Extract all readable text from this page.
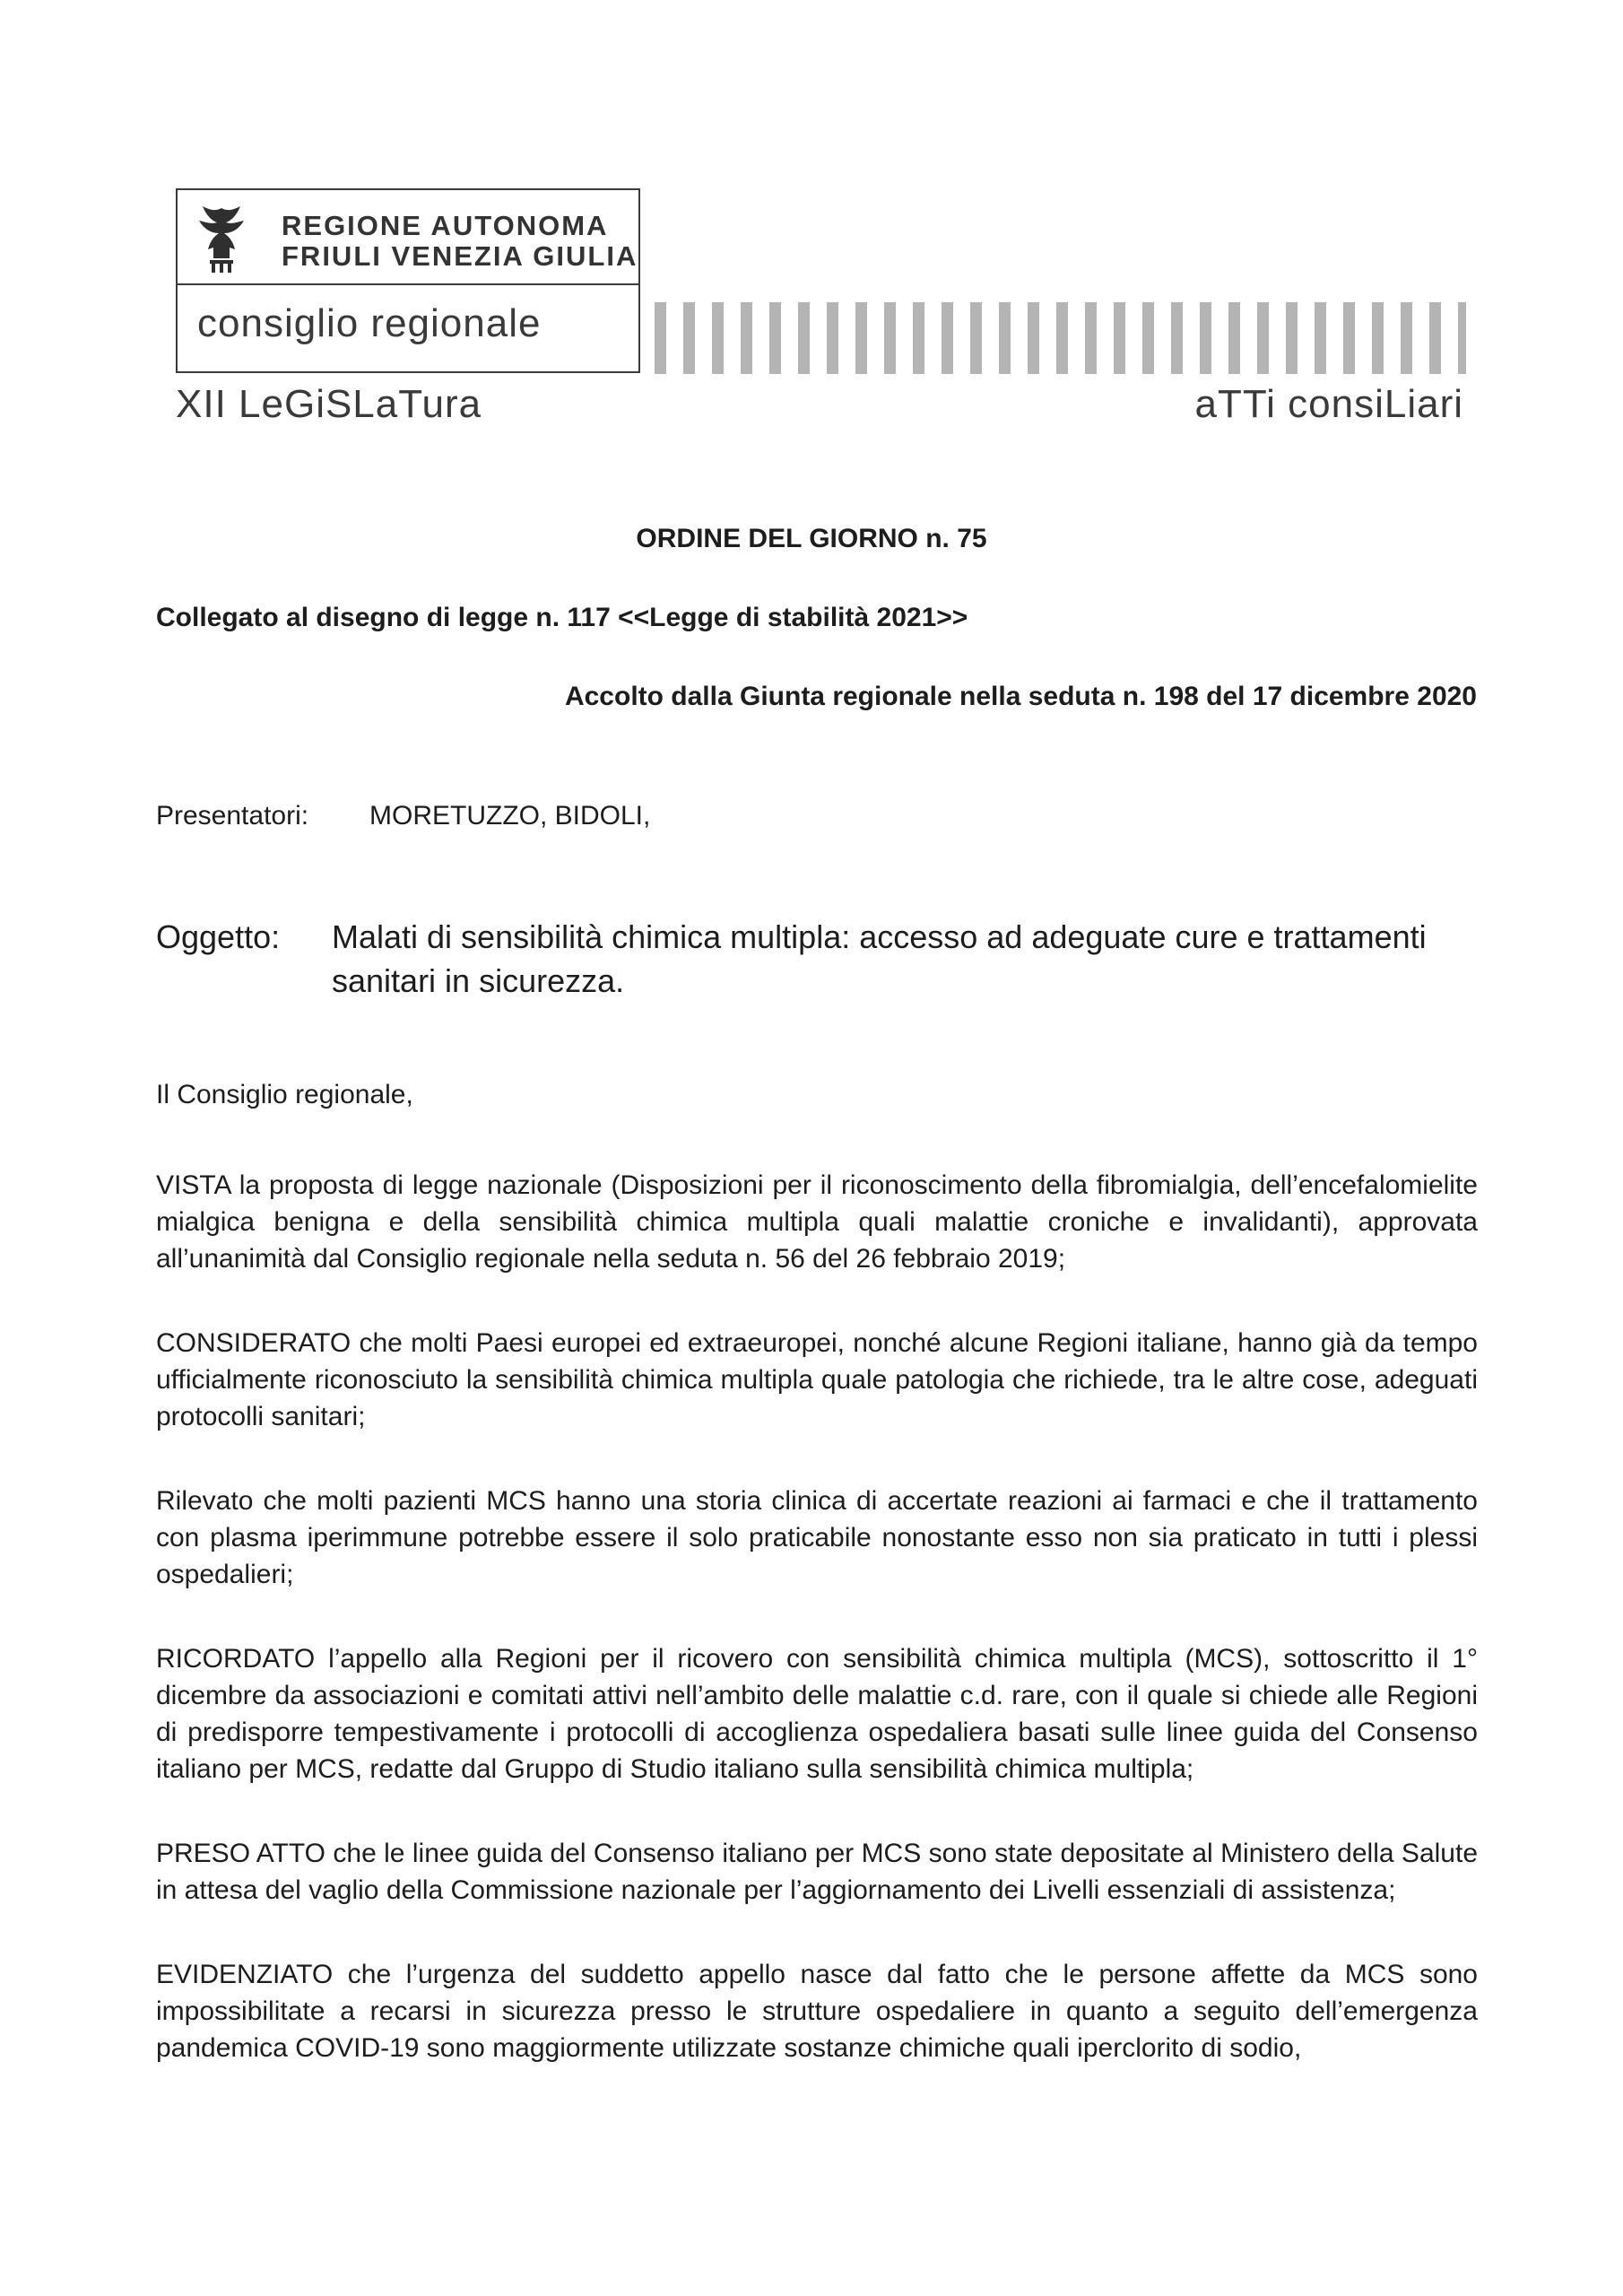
REGIONE AUTONOMA
FRIULI VENEZIA GIULIA
consiglio regionale
XII LeGiSLaTura	aTTi consiLiari
ORDINE DEL GIORNO n. 75
Collegato al disegno di legge n. 117 <<Legge di stabilità 2021>>
Accolto dalla Giunta regionale nella seduta n. 198 del 17 dicembre 2020
Presentatori: MORETUZZO, BIDOLI,
Oggetto: Malati di sensibilità chimica multipla: accesso ad adeguate cure e trattamenti sanitari in sicurezza.

Il Consiglio regionale,

VISTA la proposta di legge nazionale (Disposizioni per il riconoscimento della fibromialgia, dell’encefalomielite mialgica benigna e della sensibilità chimica multipla quali malattie croniche e invalidanti), approvata all’unanimità dal Consiglio regionale nella seduta n. 56 del 26 febbraio 2019;

CONSIDERATO che molti Paesi europei ed extraeuropei, nonché alcune Regioni italiane, hanno già da tempo ufficialmente riconosciuto la sensibilità chimica multipla quale patologia che richiede, tra le altre cose, adeguati protocolli sanitari;

Rilevato che molti pazienti MCS hanno una storia clinica di accertate reazioni ai farmaci e che il trattamento con plasma iperimmune potrebbe essere il solo praticabile nonostante esso non sia praticato in tutti i plessi ospedalieri;

RICORDATO l’appello alla Regioni per il ricovero con sensibilità chimica multipla (MCS), sottoscritto il 1° dicembre da associazioni e comitati attivi nell’ambito delle malattie c.d. rare, con il quale si chiede alle Regioni di predisporre tempestivamente i protocolli di accoglienza ospedaliera basati sulle linee guida del Consenso italiano per MCS, redatte dal Gruppo di Studio italiano sulla sensibilità chimica multipla;

PRESO ATTO che le linee guida del Consenso italiano per MCS sono state depositate al Ministero della Salute in attesa del vaglio della Commissione nazionale per l’aggiornamento dei Livelli essenziali di assistenza;

EVIDENZIATO che l’urgenza del suddetto appello nasce dal fatto che le persone affette da MCS sono impossibilitate a recarsi in sicurezza presso le strutture ospedaliere in quanto a seguito dell’emergenza pandemica COVID-19 sono maggiormente utilizzate sostanze chimiche quali iperclorito di sodio,
